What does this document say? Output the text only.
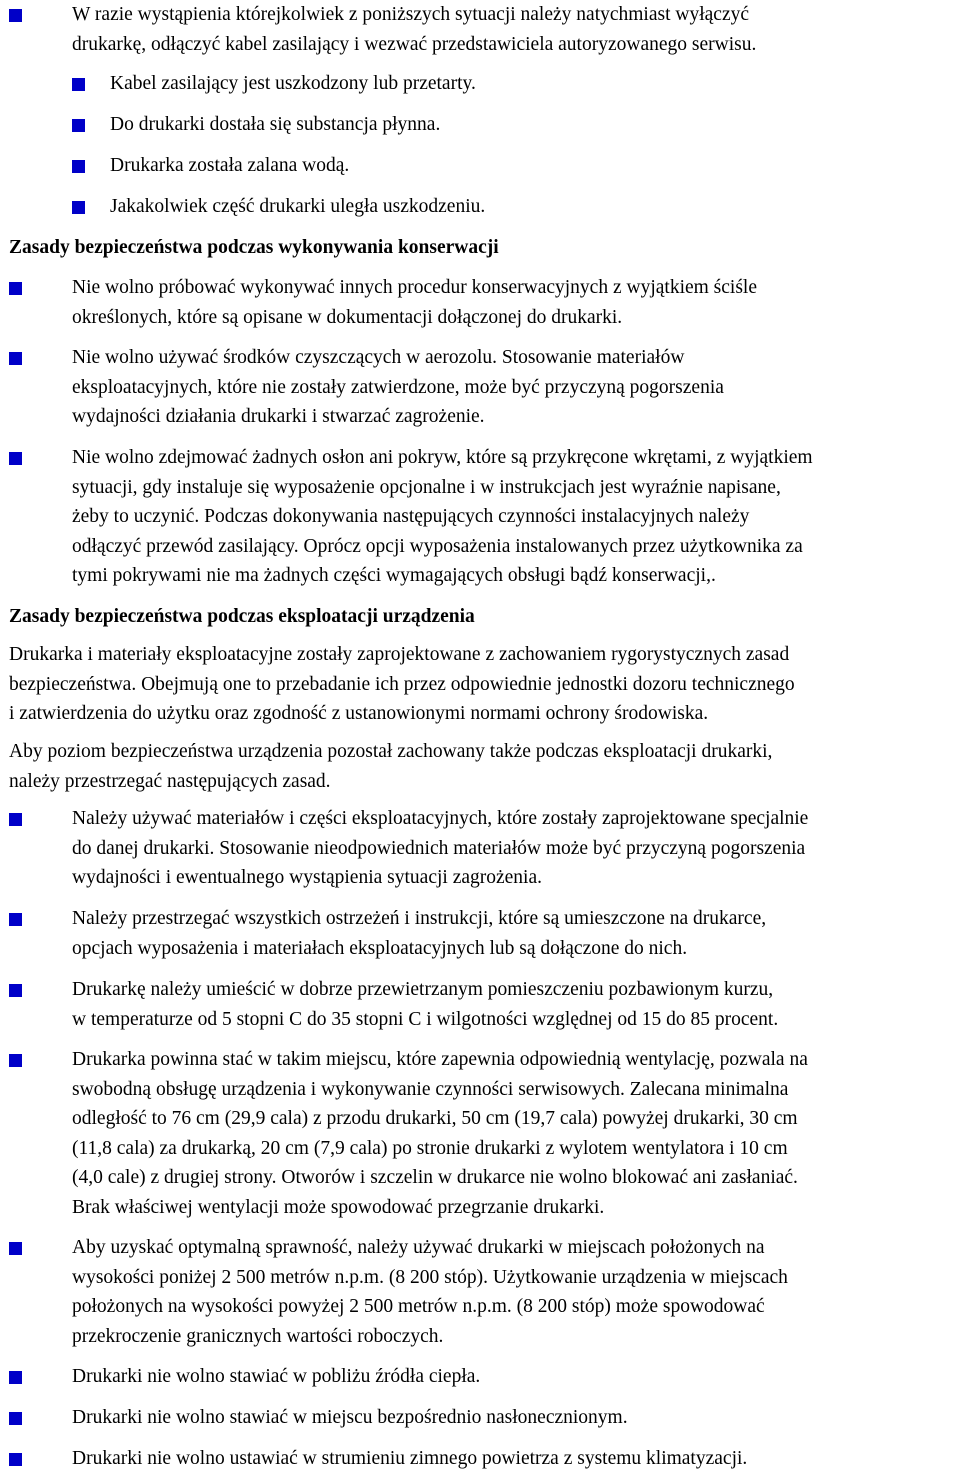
W razie wystąpienia którejkolwiek z poniższych sytuacji należy natychmiast wyłączyć
drukarkę, odłączyć kabel zasilający i wezwać przedstawiciela autoryzowanego serwisu.
Kabel zasilający jest uszkodzony lub przetarty.
Do drukarki dostała się substancja płynna.
Drukarka została zalana wodą.
Jakakolwiek część drukarki uległa uszkodzeniu.
Zasady bezpieczeństwa podczas wykonywania konserwacji
Nie wolno próbować wykonywać innych procedur konserwacyjnych z wyjątkiem ściśle
określonych, które są opisane w dokumentacji dołączonej do drukarki.
Nie wolno używać środków czyszczących w aerozolu. Stosowanie materiałów
eksploatacyjnych, które nie zostały zatwierdzone, może być przyczyną pogorszenia
wydajności działania drukarki i stwarzać zagrożenie.
Nie wolno zdejmować żadnych osłon ani pokryw, które są przykręcone wkrętami, z wyjątkiem
sytuacji, gdy instaluje się wyposażenie opcjonalne i w instrukcjach jest wyraźnie napisane,
żeby to uczynić. Podczas dokonywania następujących czynności instalacyjnych należy
odłączyć przewód zasilający. Oprócz opcji wyposażenia instalowanych przez użytkownika za
tymi pokrywami nie ma żadnych części wymagających obsługi bądź konserwacji,.
Zasady bezpieczeństwa podczas eksploatacji urządzenia
Drukarka i materiały eksploatacyjne zostały zaprojektowane z zachowaniem rygorystycznych zasad
bezpieczeństwa. Obejmują one to przebadanie ich przez odpowiednie jednostki dozoru technicznego
i zatwierdzenia do użytku oraz zgodność z ustanowionymi normami ochrony środowiska.
Aby poziom bezpieczeństwa urządzenia pozostał zachowany także podczas eksploatacji drukarki,
należy przestrzegać następujących zasad.
Należy używać materiałów i części eksploatacyjnych, które zostały zaprojektowane specjalnie
do danej drukarki. Stosowanie nieodpowiednich materiałów może być przyczyną pogorszenia
wydajności i ewentualnego wystąpienia sytuacji zagrożenia.
Należy przestrzegać wszystkich ostrzeżeń i instrukcji, które są umieszczone na drukarce,
opcjach wyposażenia i materiałach eksploatacyjnych lub są dołączone do nich.
Drukarkę należy umieścić w dobrze przewietrzanym pomieszczeniu pozbawionym kurzu,
w temperaturze od 5 stopni C do 35 stopni C i wilgotności względnej od 15 do 85 procent.
Drukarka powinna stać w takim miejscu, które zapewnia odpowiednią wentylację, pozwala na
swobodną obsługę urządzenia i wykonywanie czynności serwisowych. Zalecana minimalna
odległość to 76 cm (29,9 cala) z przodu drukarki, 50 cm (19,7 cala) powyżej drukarki, 30 cm
(11,8 cala) za drukarką, 20 cm (7,9 cala) po stronie drukarki z wylotem wentylatora i 10 cm
(4,0 cale) z drugiej strony. Otworów i szczelin w drukarce nie wolno blokować ani zasłaniać.
Brak właściwej wentylacji może spowodować przegrzanie drukarki.
Aby uzyskać optymalną sprawność, należy używać drukarki w miejscach położonych na
wysokości poniżej 2 500 metrów n.p.m. (8 200 stóp). Użytkowanie urządzenia w miejscach
położonych na wysokości powyżej 2 500 metrów n.p.m. (8 200 stóp) może spowodować
przekroczenie granicznych wartości roboczych.
Drukarki nie wolno stawiać w pobliżu źródła ciepła.
Drukarki nie wolno stawiać w miejscu bezpośrednio nasłonecznionym.
Drukarki nie wolno ustawiać w strumieniu zimnego powietrza z systemu klimatyzacji.
